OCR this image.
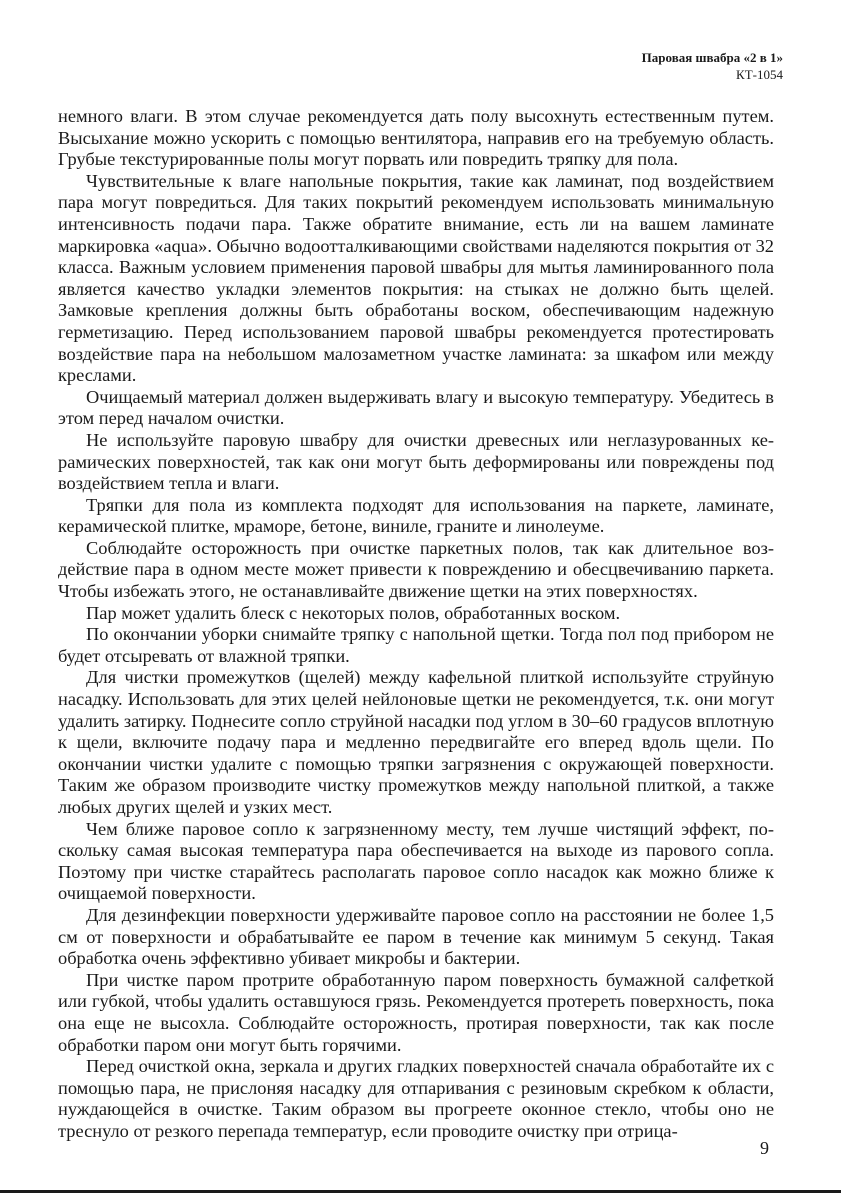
Паровая швабра «2 в 1»
КТ-1054

немного влаги. В этом случае рекомендуется дать полу высохнуть естественным путем. Высыхание можно ускорить с помощью вентилятора, направив его на требуемую область. Грубые текстурированные полы могут порвать или повредить тряпку для пола.

Чувствительные к влаге напольные покрытия, такие как ламинат, под воздействием пара могут повредиться. Для таких покрытий рекомендуем использовать минимальную интенсивность подачи пара. Также обратите внимание, есть ли на вашем ламинате маркировка «aqua». Обычно водоотталкивающими свойствами наделяются покрытия от 32 класса. Важным условием применения паровой швабры для мытья ламинированного пола является качество укладки элементов покрытия: на стыках не должно быть щелей. Замковые крепления должны быть обработаны воском, обеспечивающим надежную герметизацию. Перед использованием паровой швабры рекомендуется протестировать воздействие пара на небольшом малозаметном участке ламината: за шкафом или между креслами.

Очищаемый материал должен выдерживать влагу и высокую температуру. Убедитесь в этом перед началом очистки.

Не используйте паровую швабру для очистки древесных или неглазурованных керамических поверхностей, так как они могут быть деформированы или повреждены под воздействием тепла и влаги.

Тряпки для пола из комплекта подходят для использования на паркете, ламинате, керамической плитке, мраморе, бетоне, виниле, граните и линолеуме.

Соблюдайте осторожность при очистке паркетных полов, так как длительное воздействие пара в одном месте может привести к повреждению и обесцвечиванию паркета. Чтобы избежать этого, не останавливайте движение щетки на этих поверхностях.

Пар может удалить блеск с некоторых полов, обработанных воском.

По окончании уборки снимайте тряпку с напольной щетки. Тогда пол под прибором не будет отсыревать от влажной тряпки.

Для чистки промежутков (щелей) между кафельной плиткой используйте струйную насадку. Использовать для этих целей нейлоновые щетки не рекомендуется, т.к. они могут удалить затирку. Поднесите сопло струйной насадки под углом в 30–60 градусов вплотную к щели, включите подачу пара и медленно передвигайте его вперед вдоль щели. По окончании чистки удалите с помощью тряпки загрязнения с окружающей поверхности. Таким же образом производите чистку промежутков между напольной плиткой, а также любых других щелей и узких мест.

Чем ближе паровое сопло к загрязненному месту, тем лучше чистящий эффект, поскольку самая высокая температура пара обеспечивается на выходе из парового сопла. Поэтому при чистке старайтесь располагать паровое сопло насадок как можно ближе к очищаемой поверхности.

Для дезинфекции поверхности удерживайте паровое сопло на расстоянии не более 1,5 см от поверхности и обрабатывайте ее паром в течение как минимум 5 секунд. Такая обработка очень эффективно убивает микробы и бактерии.

При чистке паром протрите обработанную паром поверхность бумажной салфеткой или губкой, чтобы удалить оставшуюся грязь. Рекомендуется протереть поверхность, пока она еще не высохла. Соблюдайте осторожность, протирая поверхности, так как после обработки паром они могут быть горячими.

Перед очисткой окна, зеркала и других гладких поверхностей сначала обработайте их с помощью пара, не прислоняя насадку для отпаривания с резиновым скребком к области, нуждающейся в очистке. Таким образом вы прогреете оконное стекло, чтобы оно не треснуло от резкого перепада температур, если проводите очистку при отрица-

9
